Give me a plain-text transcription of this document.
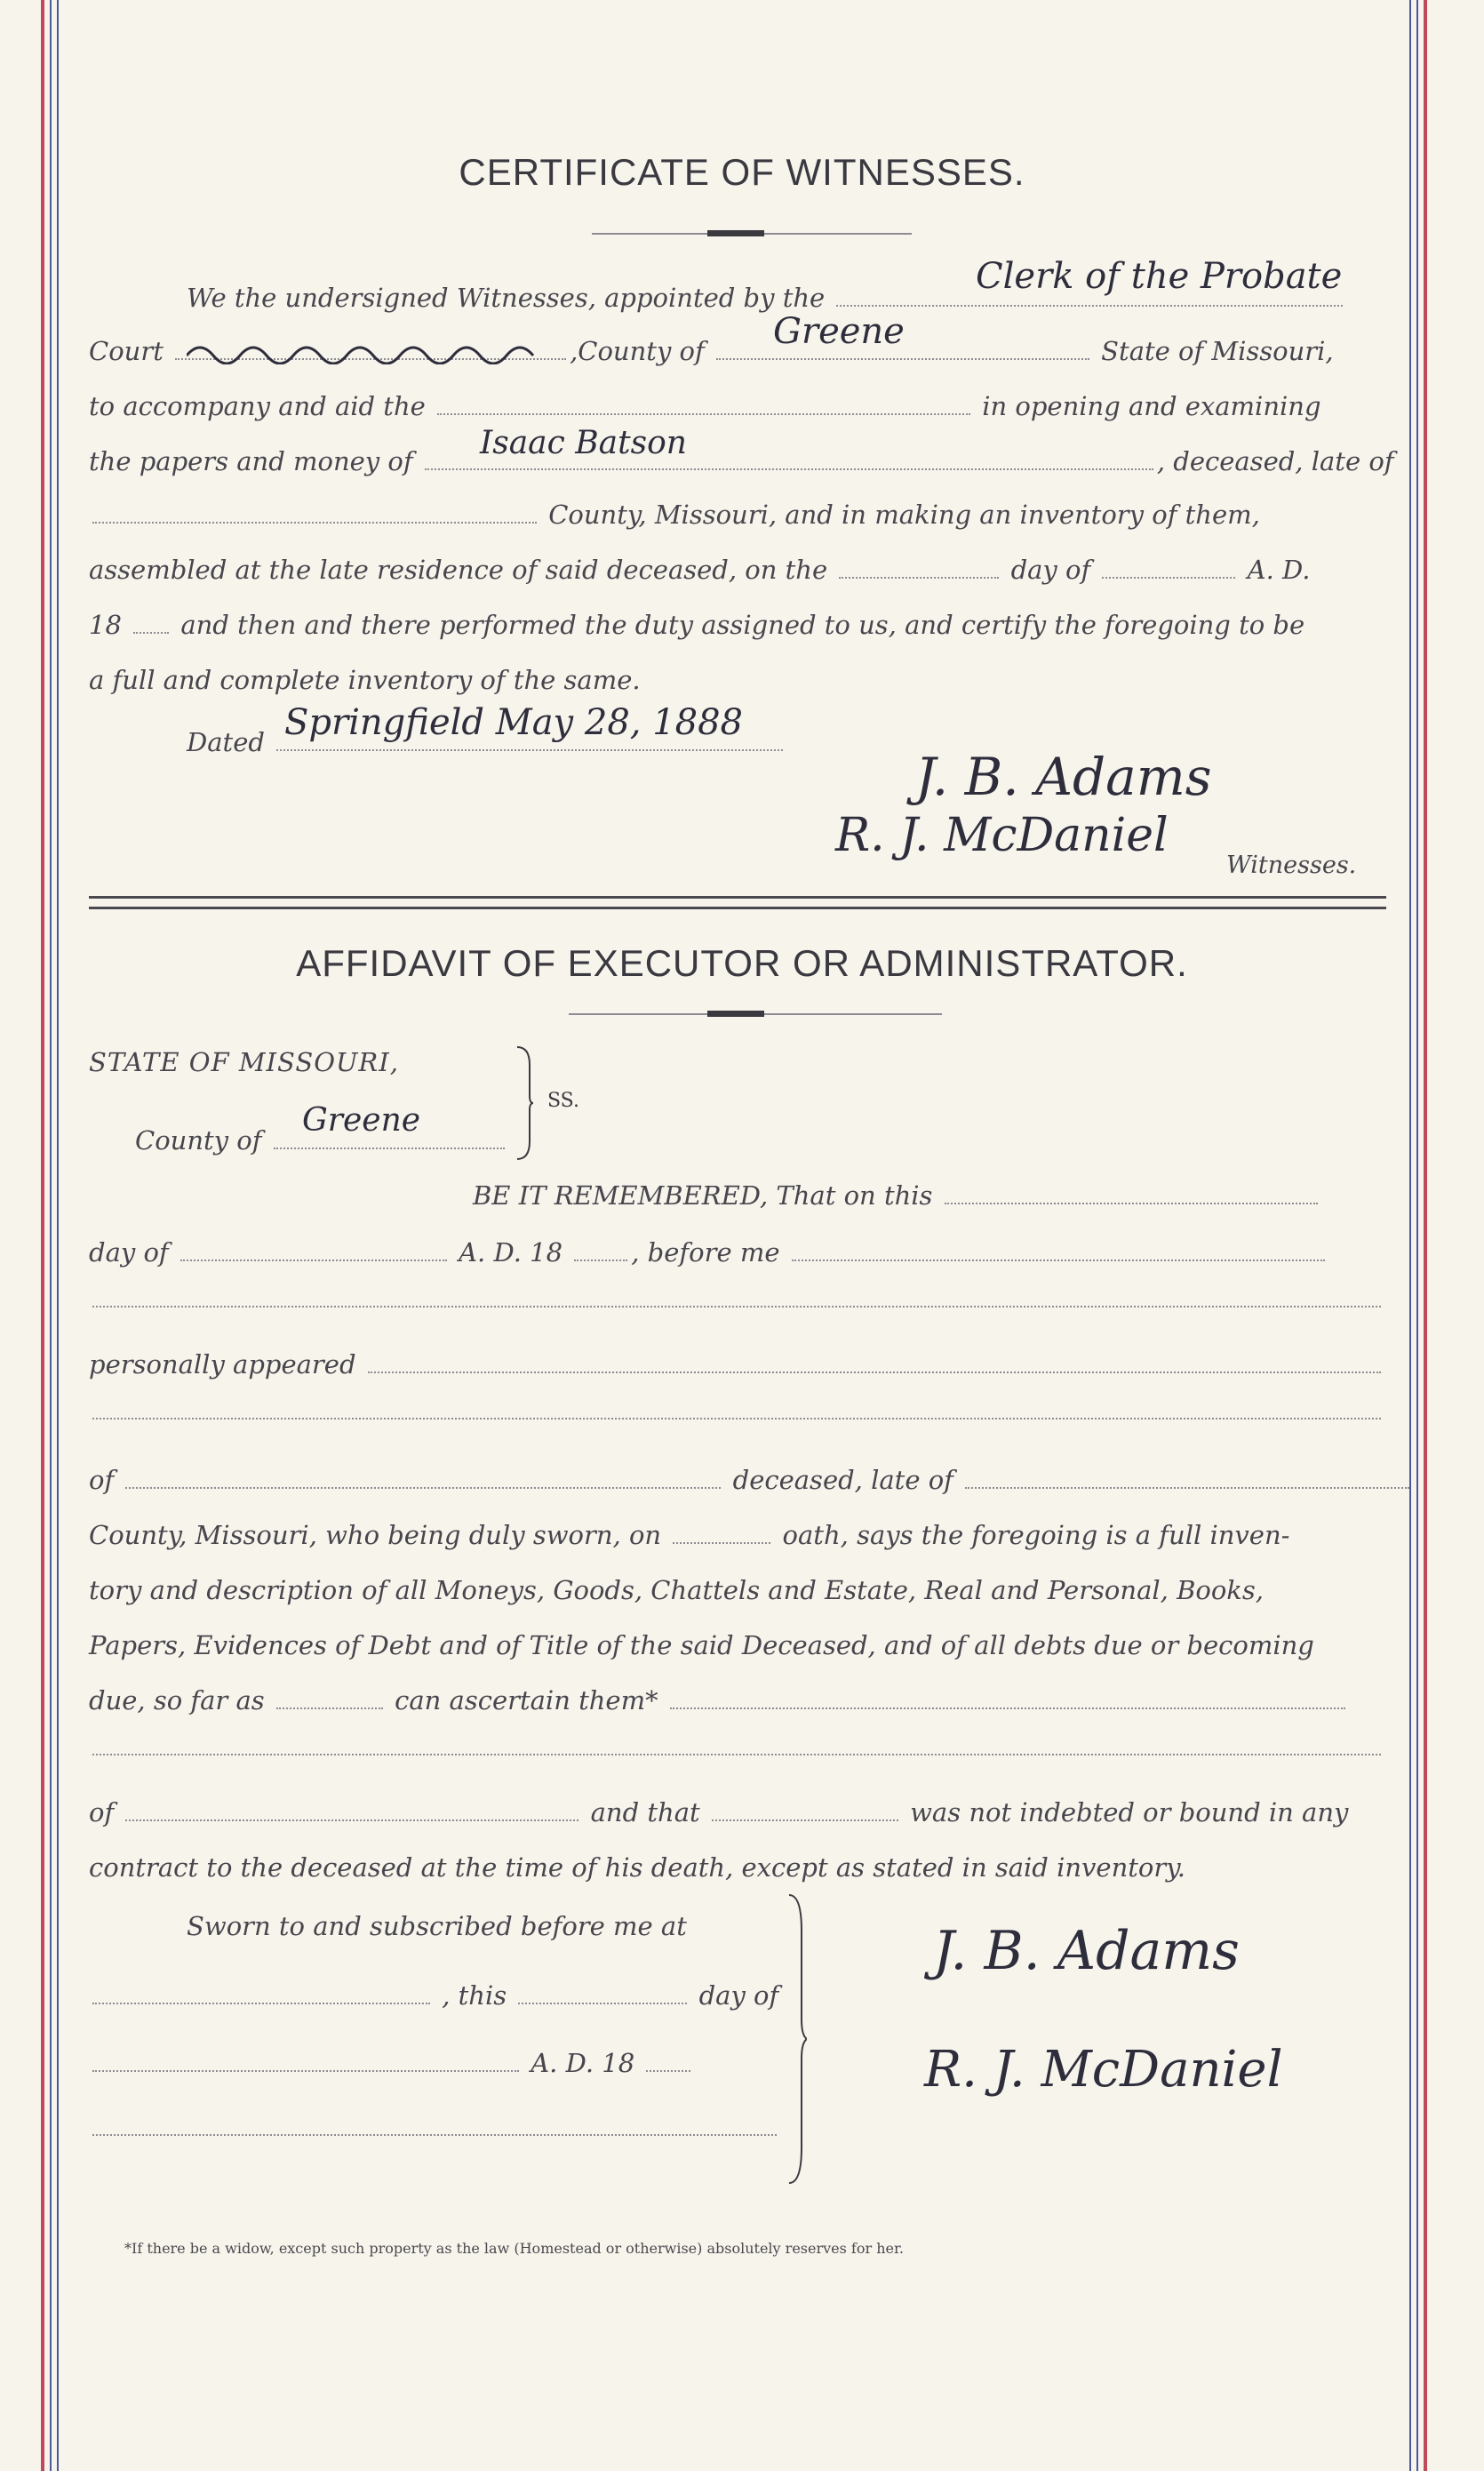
CERTIFICATE OF WITNESSES.
We the undersigned Witnesses, appointed by the
Clerk of the Probate
Court	,County of	State of Missouri,
Greene
to accompany and aid the	in opening and examining
the papers and money of	, deceased, late of
Isaac Batson
County, Missouri, and in making an inventory of them,
assembled at the late residence of said deceased, on the	day of	A. D.
18 and then and there performed the duty assigned to us, and certify the foregoing to be
a full and complete inventory of the same.
Dated Springfield May 28, 1888
J. B. Adams
R. J. McDaniel
Witnesses.
AFFIDAVIT OF EXECUTOR OR ADMINISTRATOR.
STATE OF MISSOURI,
SS.
County of
Greene
BE IT REMEMBERED, That on this
day of	A. D. 18	, before me
personally appeared
of	deceased, late of
County, Missouri, who being duly sworn, on	oath, says the foregoing is a full inven-
tory and description of all Moneys, Goods, Chattels and Estate, Real and Personal, Books,
Papers, Evidences of Debt and of Title of the said Deceased, and of all debts due or becoming
due, so far as	can ascertain them*
of	and that	was not indebted or bound in any
contract to the deceased at the time of his death, except as stated in said inventory.
Sworn to and subscribed before me at
, this	day of
A. D. 18
J. B. Adams
R. J. McDaniel
*If there be a widow, except such property as the law (Homestead or otherwise) absolutely reserves for her.
